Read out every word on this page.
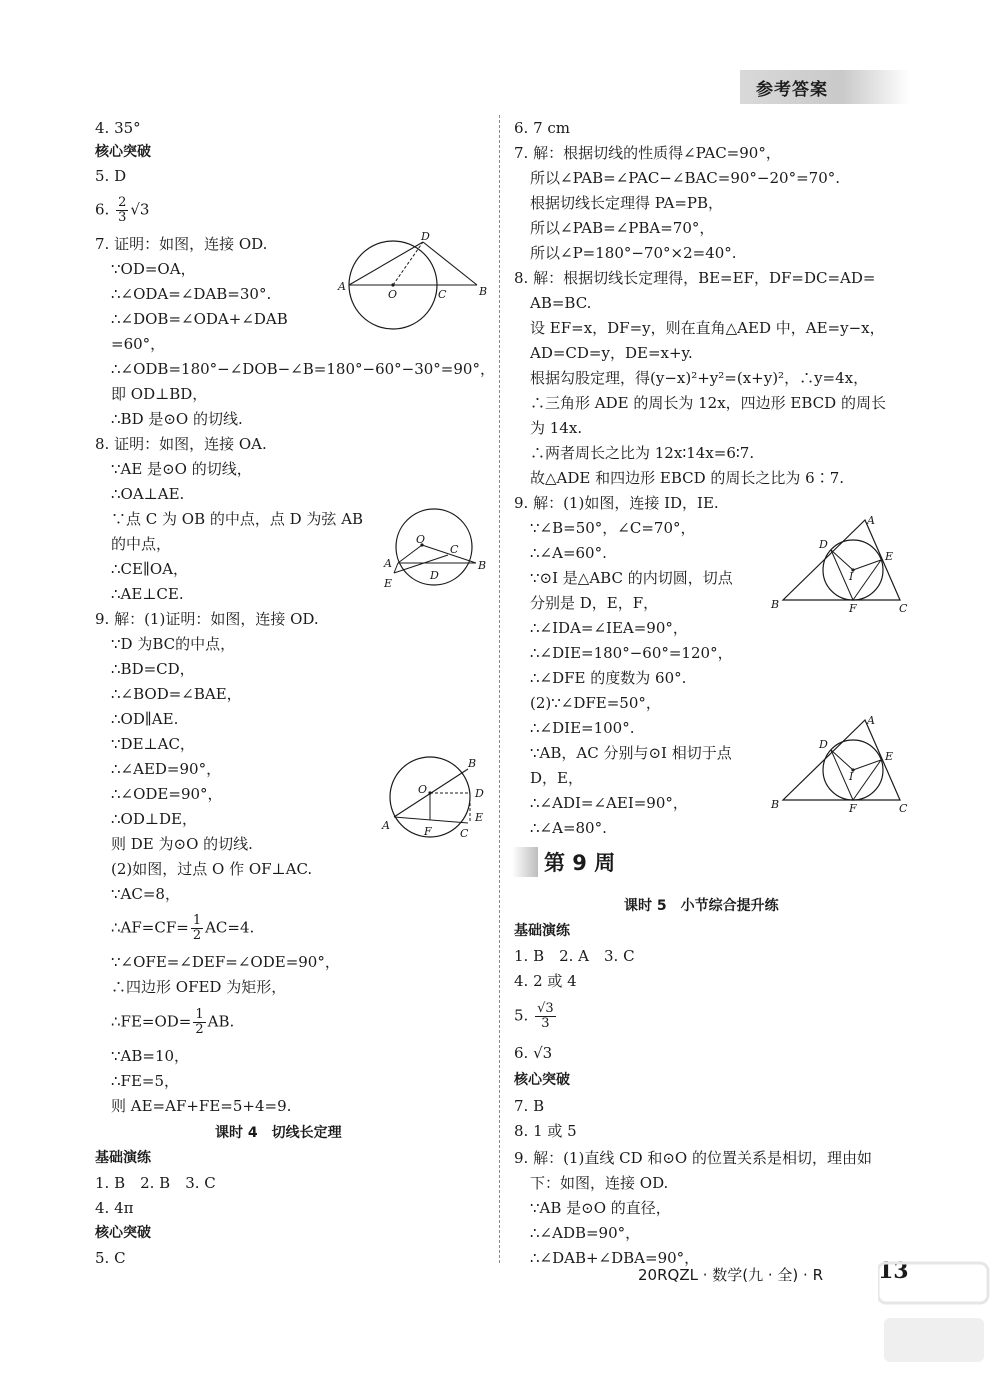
参考答案
4. 35°
核心突破
5. D
6. $\frac{2}{3} √3$
7. 证明：如图，连接 OD.
∵OD=OA，
∴∠ODA=∠DAB=30°.
∴∠DOB=∠ODA+∠DAB
=60°，
∴∠ODB=180°−∠DOB−∠B=180°−60°−30°=90°，
即 OD⊥BD，
∴BD 是⊙O 的切线.
8. 证明：如图，连接 OA.
∵AE 是⊙O 的切线，
∴OA⊥AE.
∵点 C 为 OB 的中点，点 D 为弦 AB
的中点，
∴CE∥OA，
∴AE⊥CE.
9. 解：(1)证明：如图，连接 OD.
∵D 为BC的中点，
∴BD=CD，
∴∠BOD=∠BAE，
∴OD∥AE.
∵DE⊥AC，
∴∠AED=90°，
∴∠ODE=90°，
∴OD⊥DE，
则 DE 为⊙O 的切线.
(2)如图，过点 O 作 OF⊥AC.
∵AC=8，
∴AF=CF= $\frac{1}{2} AC=4$.
∵∠OFE=∠DEF=∠ODE=90°，
∴四边形 OFED 为矩形，
∴FE=OD= $\frac{1}{2}$ AB.
∵AB=10，
∴FE=5，
则 AE=AF+FE=5+4=9.
课时 4　切线长定理
基础演练
1. B　2. B　3. C
4. 4π
核心突破
5. C
A
O	C	B
D
O
C
A
D
B
E
B
D
O
A	F	C
E
6. 7 cm
7. 解：根据切线的性质得∠PAC=90°，
所以∠PAB=∠PAC−∠BAC=90°−20°=70°.
根据切线长定理得 PA=PB，
所以∠PAB=∠PBA=70°，
所以∠P=180°−70°×2=40°.
8. 解：根据切线长定理得，BE=EF，DF=DC=AD=
AB=BC.
设 EF=x，DF=y，则在直角△AED 中，AE=y−x，
AD=CD=y，DE=x+y.
根据勾股定理，得(y−x)²+y²=(x+y)²，∴y=4x，
∴三角形 ADE 的周长为 12x，四边形 EBCD 的周长
为 14x.
∴两者周长之比为 12x∶14x=6∶7.
故△ADE 和四边形 EBCD 的周长之比为 6∶7.
9. 解：(1)如图，连接 ID，IE.
∵∠B=50°，∠C=70°，
∴∠A=60°.
∵⊙I 是△ABC 的内切圆，切点
分别是 D，E，F，
∴∠IDA=∠IEA=90°，
∴∠DIE=180°−60°=120°，
∴∠DFE 的度数为 60°.
(2)∵∠DFE=50°，
∴∠DIE=100°.
∵AB，AC 分别与⊙I 相切于点
D，E，
∴∠ADI=∠AEI=90°，
∴∠A=80°.
课时 5　小节综合提升练
基础演练
1. B　2. A　3. C
4. 2 或 4
5. $\frac{√3}{3}$
6. √3
核心突破
7. B
8. 1 或 5
9. 解：(1)直线 CD 和⊙O 的位置关系是相切，理由如
下：如图，连接 OD.
∵AB 是⊙O 的直径，
∴∠ADB=90°，
∴∠DAB+∠DBA=90°，
A
D
E
I
B	F	C
A
D
E
I
B	F	C
第 9 周
20RQZL · 数学(九 · 全) · R	13
